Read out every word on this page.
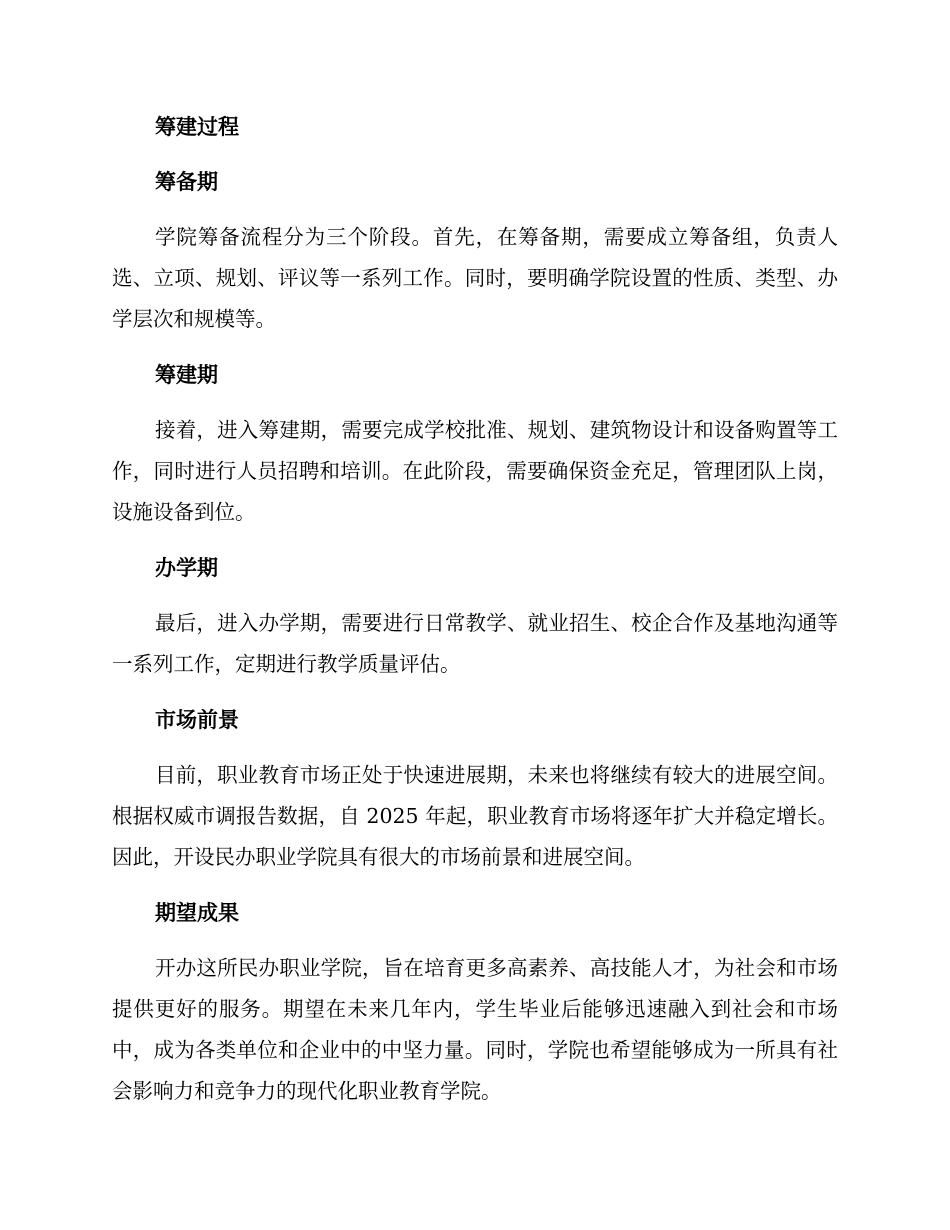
筹建过程
筹备期

学院筹备流程分为三个阶段。首先，在筹备期，需要成立筹备组，负责人选、立项、规划、评议等一系列工作。同时，要明确学院设置的性质、类型、办学层次和规模等。

筹建期

接着，进入筹建期，需要完成学校批准、规划、建筑物设计和设备购置等工作，同时进行人员招聘和培训。在此阶段，需要确保资金充足，管理团队上岗，设施设备到位。

办学期

最后，进入办学期，需要进行日常教学、就业招生、校企合作及基地沟通等一系列工作，定期进行教学质量评估。

市场前景

目前，职业教育市场正处于快速进展期，未来也将继续有较大的进展空间。根据权威市调报告数据，自 2025 年起，职业教育市场将逐年扩大并稳定增长。因此，开设民办职业学院具有很大的市场前景和进展空间。

期望成果

开办这所民办职业学院，旨在培育更多高素养、高技能人才，为社会和市场提供更好的服务。期望在未来几年内，学生毕业后能够迅速融入到社会和市场中，成为各类单位和企业中的中坚力量。同时，学院也希望能够成为一所具有社会影响力和竞争力的现代化职业教育学院。
